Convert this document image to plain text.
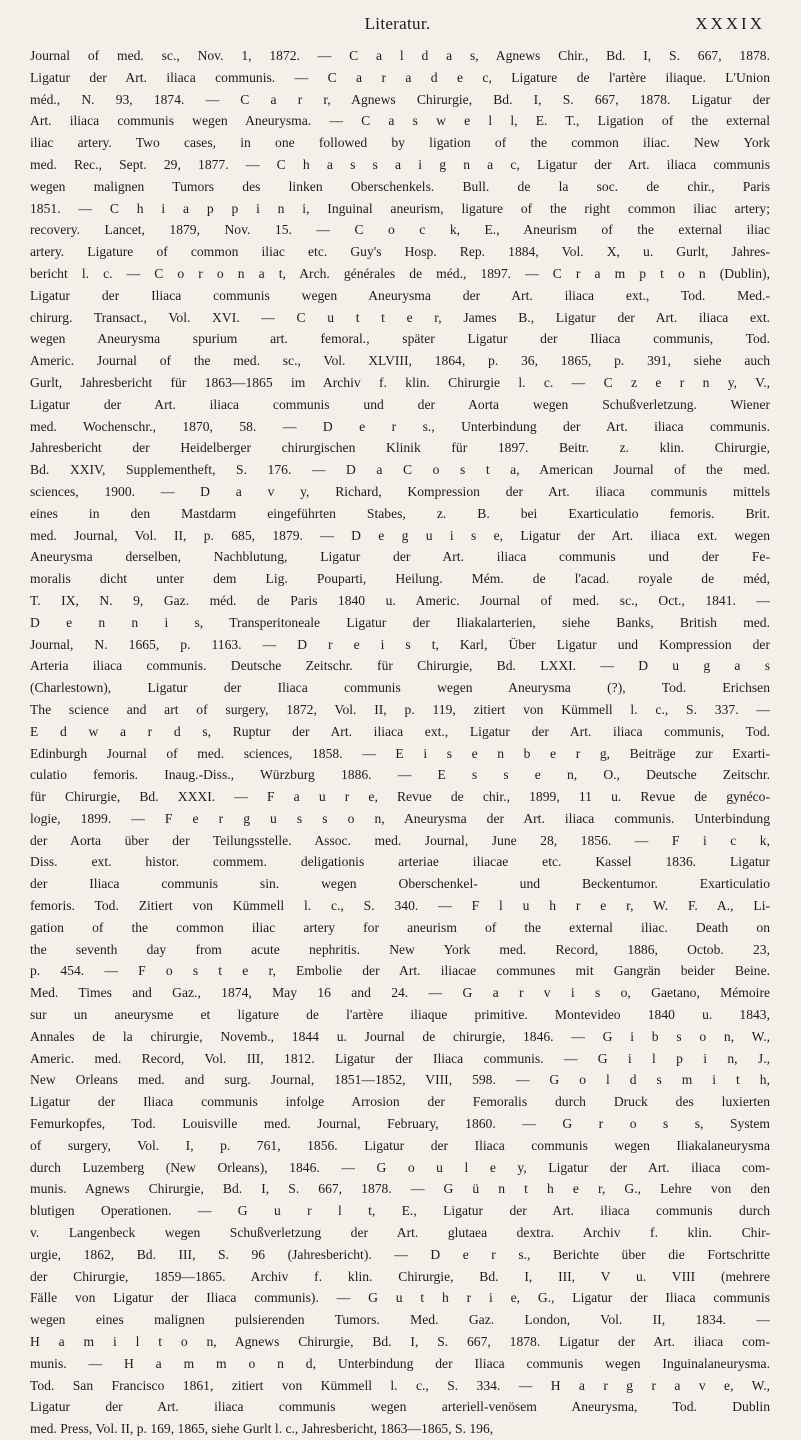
Literatur.	XXXIX
Journal of med. sc., Nov. 1, 1872. — C a l d a s, Agnews Chir., Bd. I, S. 667, 1878.
Ligatur der Art. iliaca communis. — C a r a d e c, Ligature de l'artère iliaque. L'Union
méd., N. 93, 1874. — C a r r, Agnews Chirurgie, Bd. I, S. 667, 1878. Ligatur der
Art. iliaca communis wegen Aneurysma. — C a s w e l l, E. T., Ligation of the external
iliac artery. Two cases, in one followed by ligation of the common iliac. New York
med. Rec., Sept. 29, 1877. — C h a s s a i g n a c, Ligatur der Art. iliaca communis
wegen malignen Tumors des linken Oberschenkels. Bull. de la soc. de chir., Paris
1851. — C h i a p p i n i, Inguinal aneurism, ligature of the right common iliac artery;
recovery. Lancet, 1879, Nov. 15. — C o c k, E., Aneurism of the external iliac
artery. Ligature of common iliac etc. Guy's Hosp. Rep. 1884, Vol. X, u. Gurlt, Jahres-
bericht l. c. — C o r o n a t, Arch. générales de méd., 1897. — C r a m p t o n (Dublin),
Ligatur der Iliaca communis wegen Aneurysma der Art. iliaca ext., Tod. Med.-
chirurg. Transact., Vol. XVI. — C u t t e r, James B., Ligatur der Art. iliaca ext.
wegen Aneurysma spurium art. femoral., später Ligatur der Iliaca communis, Tod.
Americ. Journal of the med. sc., Vol. XLVIII, 1864, p. 36, 1865, p. 391, siehe auch
Gurlt, Jahresbericht für 1863—1865 im Archiv f. klin. Chirurgie l. c. — C z e r n y, V.,
Ligatur der Art. iliaca communis und der Aorta wegen Schußverletzung. Wiener
med. Wochenschr., 1870, 58. — D e r s., Unterbindung der Art. iliaca communis.
Jahresbericht der Heidelberger chirurgischen Klinik für 1897. Beitr. z. klin. Chirurgie,
Bd. XXIV, Supplementheft, S. 176. — D a C o s t a, American Journal of the med.
sciences, 1900. — D a v y, Richard, Kompression der Art. iliaca communis mittels
eines in den Mastdarm eingeführten Stabes, z. B. bei Exarticulatio femoris. Brit.
med. Journal, Vol. II, p. 685, 1879. — D e g u i s e, Ligatur der Art. iliaca ext. wegen
Aneurysma derselben, Nachblutung, Ligatur der Art. iliaca communis und der Fe-
moralis dicht unter dem Lig. Pouparti, Heilung. Mém. de l'acad. royale de méd,
T. IX, N. 9, Gaz. méd. de Paris 1840 u. Americ. Journal of med. sc., Oct., 1841. —
D e n n i s, Transperitoneale Ligatur der Iliakalarterien, siehe Banks, British med.
Journal, N. 1665, p. 1163. — D r e i s t, Karl, Über Ligatur und Kompression der
Arteria iliaca communis. Deutsche Zeitschr. für Chirurgie, Bd. LXXI. — D u g a s
(Charlestown), Ligatur der Iliaca communis wegen Aneurysma (?), Tod. Erichsen
The science and art of surgery, 1872, Vol. II, p. 119, zitiert von Kümmell l. c., S. 337. —
E d w a r d s, Ruptur der Art. iliaca ext., Ligatur der Art. iliaca communis, Tod.
Edinburgh Journal of med. sciences, 1858. — E i s e n b e r g, Beiträge zur Exarti-
culatio femoris. Inaug.-Diss., Würzburg 1886. — E s s e n, O., Deutsche Zeitschr.
für Chirurgie, Bd. XXXI. — F a u r e, Revue de chir., 1899, 11 u. Revue de gynéco-
logie, 1899. — F e r g u s s o n, Aneurysma der Art. iliaca communis. Unterbindung
der Aorta über der Teilungsstelle. Assoc. med. Journal, June 28, 1856. — F i c k,
Diss. ext. histor. commem. deligationis arteriae iliacae etc. Kassel 1836. Ligatur
der Iliaca communis sin. wegen Oberschenkel- und Beckentumor. Exarticulatio
femoris. Tod. Zitiert von Kümmell l. c., S. 340. — F l u h r e r, W. F. A., Li-
gation of the common iliac artery for aneurism of the external iliac. Death on
the seventh day from acute nephritis. New York med. Record, 1886, Octob. 23,
p. 454. — F o s t e r, Embolie der Art. iliacae communes mit Gangrän beider Beine.
Med. Times and Gaz., 1874, May 16 and 24. — G a r v i s o, Gaetano, Mémoire
sur un aneurysme et ligature de l'artère iliaque primitive. Montevideo 1840 u. 1843,
Annales de la chirurgie, Novemb., 1844 u. Journal de chirurgie, 1846. — G i b s o n, W.,
Americ. med. Record, Vol. III, 1812. Ligatur der Iliaca communis. — G i l p i n, J.,
New Orleans med. and surg. Journal, 1851—1852, VIII, 598. — G o l d s m i t h,
Ligatur der Iliaca communis infolge Arrosion der Femoralis durch Druck des luxierten
Femurkopfes, Tod. Louisville med. Journal, February, 1860. — G r o s s, System
of surgery, Vol. I, p. 761, 1856. Ligatur der Iliaca communis wegen Iliakalaneurysma
durch Luzemberg (New Orleans), 1846. — G o u l e y, Ligatur der Art. iliaca com-
munis. Agnews Chirurgie, Bd. I, S. 667, 1878. — G ü n t h e r, G., Lehre von den
blutigen Operationen. — G u r l t, E., Ligatur der Art. iliaca communis durch
v. Langenbeck wegen Schußverletzung der Art. glutaea dextra. Archiv f. klin. Chir-
urgie, 1862, Bd. III, S. 96 (Jahresbericht). — D e r s., Berichte über die Fortschritte
der Chirurgie, 1859—1865. Archiv f. klin. Chirurgie, Bd. I, III, V u. VIII (mehrere
Fälle von Ligatur der Iliaca communis). — G u t h r i e, G., Ligatur der Iliaca communis
wegen eines malignen pulsierenden Tumors. Med. Gaz. London, Vol. II, 1834. —
H a m i l t o n, Agnews Chirurgie, Bd. I, S. 667, 1878. Ligatur der Art. iliaca com-
munis. — H a m m o n d, Unterbindung der Iliaca communis wegen Inguinalaneurysma.
Tod. San Francisco 1861, zitiert von Kümmell l. c., S. 334. — H a r g r a v e, W.,
Ligatur der Art. iliaca communis wegen arteriell-venösem Aneurysma, Tod. Dublin
med. Press, Vol. II, p. 169, 1865, siehe Gurlt l. c., Jahresbericht, 1863—1865, S. 196,
